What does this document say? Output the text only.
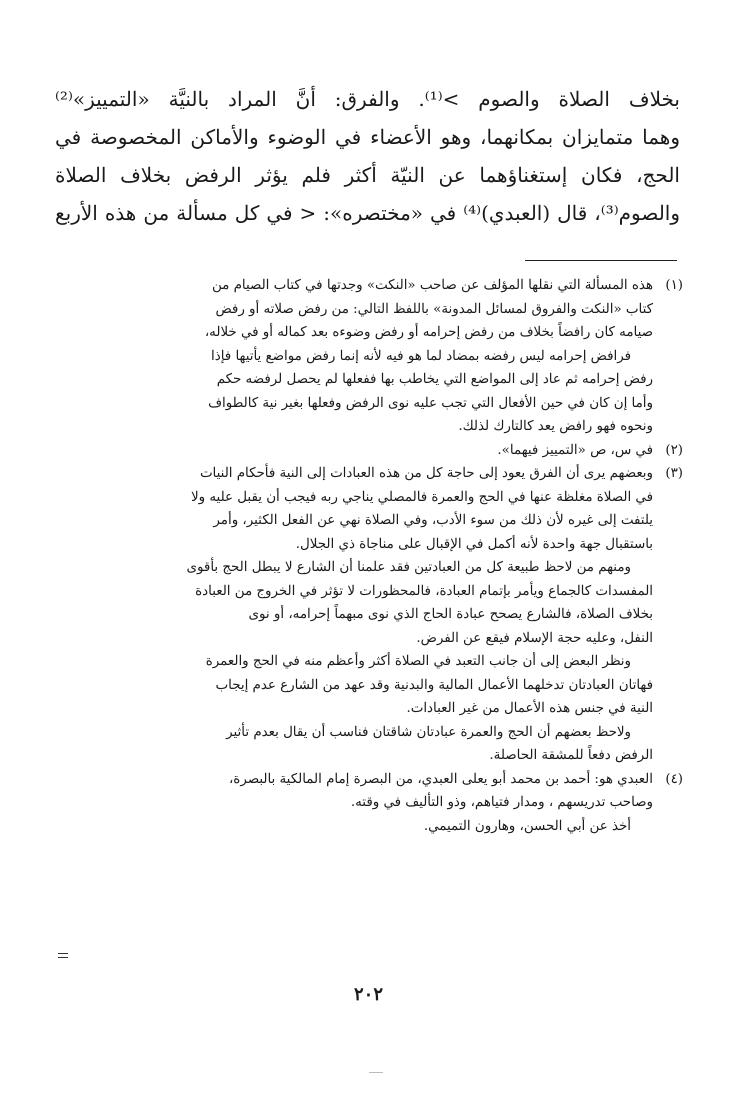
بخلاف الصلاة والصوم >⁽¹⁾. والفرق: أنَّ المراد بالنيَّة «التمييز»⁽²⁾
وهما متمايزان بمكانهما، وهو الأعضاء في الوضوء والأماكن المخصوصة في
الحج، فكان إستغناؤهما عن النيّة أكثر فلم يؤثر الرفض بخلاف الصلاة
والصوم⁽³⁾، قال (العبدي)⁽⁴⁾ في «مختصره»: < في كل مسألة من هذه الأربع
(١)هذه المسألة التي نقلها المؤلف عن صاحب «النكت» وجدتها في كتاب الصيام من
كتاب «النكت والفروق لمسائل المدونة» باللفظ التالي: من رفض صلاته أو رفض
صيامه كان رافضاً بخلاف من رفض إحرامه أو رفض وضوءه بعد كماله أو في خلاله،
فرافض إحرامه ليس رفضه بمضاد لما هو فيه لأنه إنما رفض مواضع يأتيها فإذا
رفض إحرامه ثم عاد إلى المواضع التي يخاطب بها ففعلها لم يحصل لرفضه حكم
وأما إن كان في حين الأفعال التي تجب عليه نوى الرفض وفعلها بغير نية كالطواف
ونحوه فهو رافض يعد كالتارك لذلك.
(٢)في س، ص «التمييز فيهما».
(٣)وبعضهم يرى أن الفرق يعود إلى حاجة كل من هذه العبادات إلى النية فأحكام النيات
في الصلاة مغلظة عنها في الحج والعمرة فالمصلي يناجي ربه فيجب أن يقبل عليه ولا
يلتفت إلى غيره لأن ذلك من سوء الأدب، وفي الصلاة نهي عن الفعل الكثير، وأمر
باستقبال جهة واحدة لأنه أكمل في الإقبال على مناجاة ذي الجلال.
ومنهم من لاحظ طبيعة كل من العبادتين فقد علمنا أن الشارع لا يبطل الحج بأقوى
المفسدات كالجماع ويأمر بإتمام العبادة، فالمحظورات لا تؤثر في الخروج من العبادة
بخلاف الصلاة، فالشارع يصحح عبادة الحاج الذي نوى مبهماً إحرامه، أو نوى
النفل، وعليه حجة الإسلام فيقع عن الفرض.
ونظر البعض إلى أن جانب التعبد في الصلاة أكثر وأعظم منه في الحج والعمرة
فهاتان العبادتان تدخلهما الأعمال المالية والبدنية وقد عهد من الشارع عدم إيجاب
النية في جنس هذه الأعمال من غير العبادات.
ولاحظ بعضهم أن الحج والعمرة عبادتان شاقتان فناسب أن يقال بعدم تأثير
الرفض دفعاً للمشقة الحاصلة.
(٤)العبدي هو: أحمد بن محمد أبو يعلى العبدي، من البصرة إمام المالكية بالبصرة،
وصاحب تدريسهم ، ومدار فتياهم، وذو التأليف في وقته.
أخذ عن أبي الحسن، وهارون التميمي.
٢٠٢
